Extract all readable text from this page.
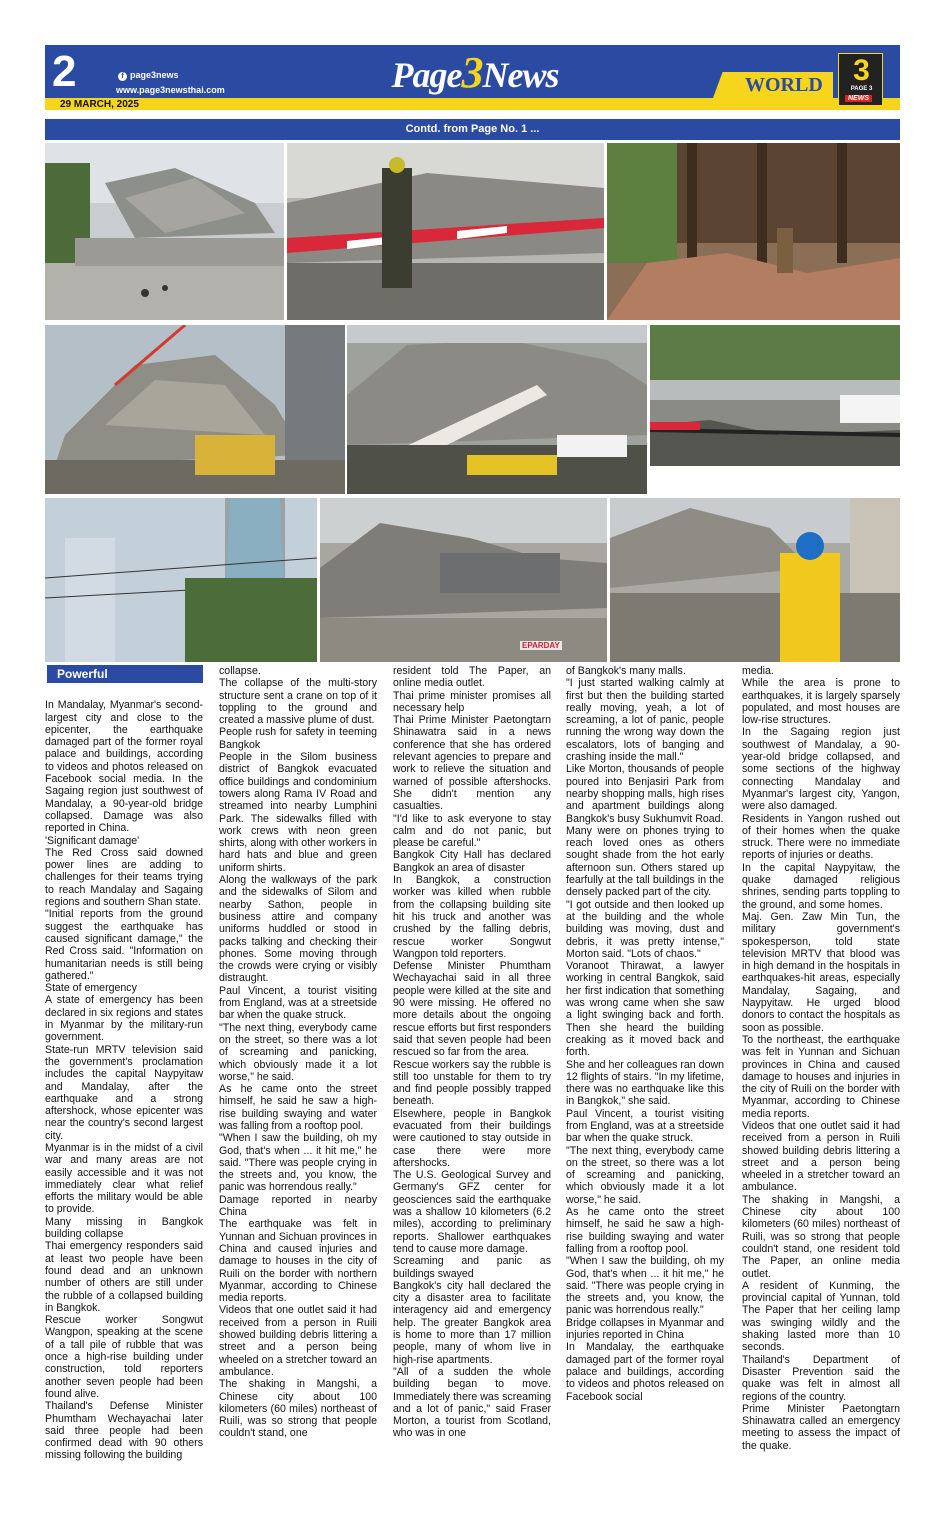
2	f page3news
www.page3newsthai.com
29 MARCH, 2025
Page3News	WORLD	3
PAGE 3
NEWS
Contd. from Page No. 1 ...
EPARDAY
Powerful EARTHQUAKE ...

In Mandalay, Myanmar's second-largest city and close to the epicenter, the earthquake damaged part of the former royal palace and buildings, according to videos and photos released on Facebook social media. In the Sagaing region just southwest of Mandalay, a 90-year-old bridge collapsed. Damage was also reported in China.

'Significant damage'

The Red Cross said downed power lines are adding to challenges for their teams trying to reach Mandalay and Sagaing regions and southern Shan state.

"Initial reports from the ground suggest the earthquake has caused significant damage," the Red Cross said. "Information on humanitarian needs is still being gathered."

State of emergency

A state of emergency has been declared in six regions and states in Myanmar by the military-run government.

State-run MRTV television said the government's proclamation includes the capital Naypyitaw and Mandalay, after the earthquake and a strong aftershock, whose epicenter was near the country's second largest city.

Myanmar is in the midst of a civil war and many areas are not easily accessible and it was not immediately clear what relief efforts the military would be able to provide.

Many missing in Bangkok building collapse

Thai emergency responders said at least two people have been found dead and an unknown number of others are still under the rubble of a collapsed building in Bangkok.

Rescue worker Songwut Wangpon, speaking at the scene of a tall pile of rubble that was once a high-rise building under construction, told reporters another seven people had been found alive.

Thailand's Defense Minister Phumtham Wechayachai later said three people had been confirmed dead with 90 others missing following the building

collapse.

The collapse of the multi-story structure sent a crane on top of it toppling to the ground and created a massive plume of dust.

People rush for safety in teeming Bangkok

People in the Silom business district of Bangkok evacuated office buildings and condominium towers along Rama IV Road and streamed into nearby Lumphini Park. The sidewalks filled with work crews with neon green shirts, along with other workers in hard hats and blue and green uniform shirts.

Along the walkways of the park and the sidewalks of Silom and nearby Sathon, people in business attire and company uniforms huddled or stood in packs talking and checking their phones. Some moving through the crowds were crying or visibly distraught.

Paul Vincent, a tourist visiting from England, was at a streetside bar when the quake struck.

"The next thing, everybody came on the street, so there was a lot of screaming and panicking, which obviously made it a lot worse," he said.

As he came onto the street himself, he said he saw a high-rise building swaying and water was falling from a rooftop pool.

"When I saw the building, oh my God, that's when ... it hit me," he said. "There was people crying in the streets and, you know, the panic was horrendous really."

Damage reported in nearby China

The earthquake was felt in Yunnan and Sichuan provinces in China and caused injuries and damage to houses in the city of Ruili on the border with northern Myanmar, according to Chinese media reports.

Videos that one outlet said it had received from a person in Ruili showed building debris littering a street and a person being wheeled on a stretcher toward an ambulance.

The shaking in Mangshi, a Chinese city about 100 kilometers (60 miles) northeast of Ruili, was so strong that people couldn't stand, one

resident told The Paper, an online media outlet.

Thai prime minister promises all necessary help

Thai Prime Minister Paetongtarn Shinawatra said in a news conference that she has ordered relevant agencies to prepare and work to relieve the situation and warned of possible aftershocks. She didn't mention any casualties.

"I'd like to ask everyone to stay calm and do not panic, but please be careful."

Bangkok City Hall has declared Bangkok an area of disaster

In Bangkok, a construction worker was killed when rubble from the collapsing building site hit his truck and another was crushed by the falling debris, rescue worker Songwut Wangpon told reporters.

Defense Minister Phumtham Wechayachai said in all three people were killed at the site and 90 were missing. He offered no more details about the ongoing rescue efforts but first responders said that seven people had been rescued so far from the area.

Rescue workers say the rubble is still too unstable for them to try and find people possibly trapped beneath.

Elsewhere, people in Bangkok evacuated from their buildings were cautioned to stay outside in case there were more aftershocks.

The U.S. Geological Survey and Germany's GFZ center for geosciences said the earthquake was a shallow 10 kilometers (6.2 miles), according to preliminary reports. Shallower earthquakes tend to cause more damage.

Screaming and panic as buildings swayed

Bangkok's city hall declared the city a disaster area to facilitate interagency aid and emergency help. The greater Bangkok area is home to more than 17 million people, many of whom live in high-rise apartments.

"All of a sudden the whole building began to move. Immediately there was screaming and a lot of panic," said Fraser Morton, a tourist from Scotland, who was in one

of Bangkok's many malls.

"I just started walking calmly at first but then the building started really moving, yeah, a lot of screaming, a lot of panic, people running the wrong way down the escalators, lots of banging and crashing inside the mall."

Like Morton, thousands of people poured into Benjasiri Park from nearby shopping malls, high rises and apartment buildings along Bangkok's busy Sukhumvit Road.

Many were on phones trying to reach loved ones as others sought shade from the hot early afternoon sun. Others stared up fearfully at the tall buildings in the densely packed part of the city.

"I got outside and then looked up at the building and the whole building was moving, dust and debris, it was pretty intense," Morton said. "Lots of chaos."

Voranoot Thirawat, a lawyer working in central Bangkok, said her first indication that something was wrong came when she saw a light swinging back and forth. Then she heard the building creaking as it moved back and forth.

She and her colleagues ran down 12 flights of stairs. "In my lifetime, there was no earthquake like this in Bangkok," she said.

Paul Vincent, a tourist visiting from England, was at a streetside bar when the quake struck.

"The next thing, everybody came on the street, so there was a lot of screaming and panicking, which obviously made it a lot worse," he said.

As he came onto the street himself, he said he saw a high-rise building swaying and water falling from a rooftop pool.

"When I saw the building, oh my God, that's when ... it hit me," he said. "There was people crying in the streets and, you know, the panic was horrendous really."

Bridge collapses in Myanmar and injuries reported in China

In Mandalay, the earthquake damaged part of the former royal palace and buildings, according to videos and photos released on Facebook social

media.

While the area is prone to earthquakes, it is largely sparsely populated, and most houses are low-rise structures.

In the Sagaing region just southwest of Mandalay, a 90-year-old bridge collapsed, and some sections of the highway connecting Mandalay and Myanmar's largest city, Yangon, were also damaged.

Residents in Yangon rushed out of their homes when the quake struck. There were no immediate reports of injuries or deaths.

In the capital Naypyitaw, the quake damaged religious shrines, sending parts toppling to the ground, and some homes.

Maj. Gen. Zaw Min Tun, the military government's spokesperson, told state television MRTV that blood was in high demand in the hospitals in earthquakes-hit areas, especially Mandalay, Sagaing, and Naypyitaw. He urged blood donors to contact the hospitals as soon as possible.

To the northeast, the earthquake was felt in Yunnan and Sichuan provinces in China and caused damage to houses and injuries in the city of Ruili on the border with Myanmar, according to Chinese media reports.

Videos that one outlet said it had received from a person in Ruili showed building debris littering a street and a person being wheeled in a stretcher toward an ambulance.

The shaking in Mangshi, a Chinese city about 100 kilometers (60 miles) northeast of Ruili, was so strong that people couldn't stand, one resident told The Paper, an online media outlet.

A resident of Kunming, the provincial capital of Yunnan, told The Paper that her ceiling lamp was swinging wildly and the shaking lasted more than 10 seconds.

Thailand's Department of Disaster Prevention said the quake was felt in almost all regions of the country.

Prime Minister Paetongtarn Shinawatra called an emergency meeting to assess the impact of the quake.
